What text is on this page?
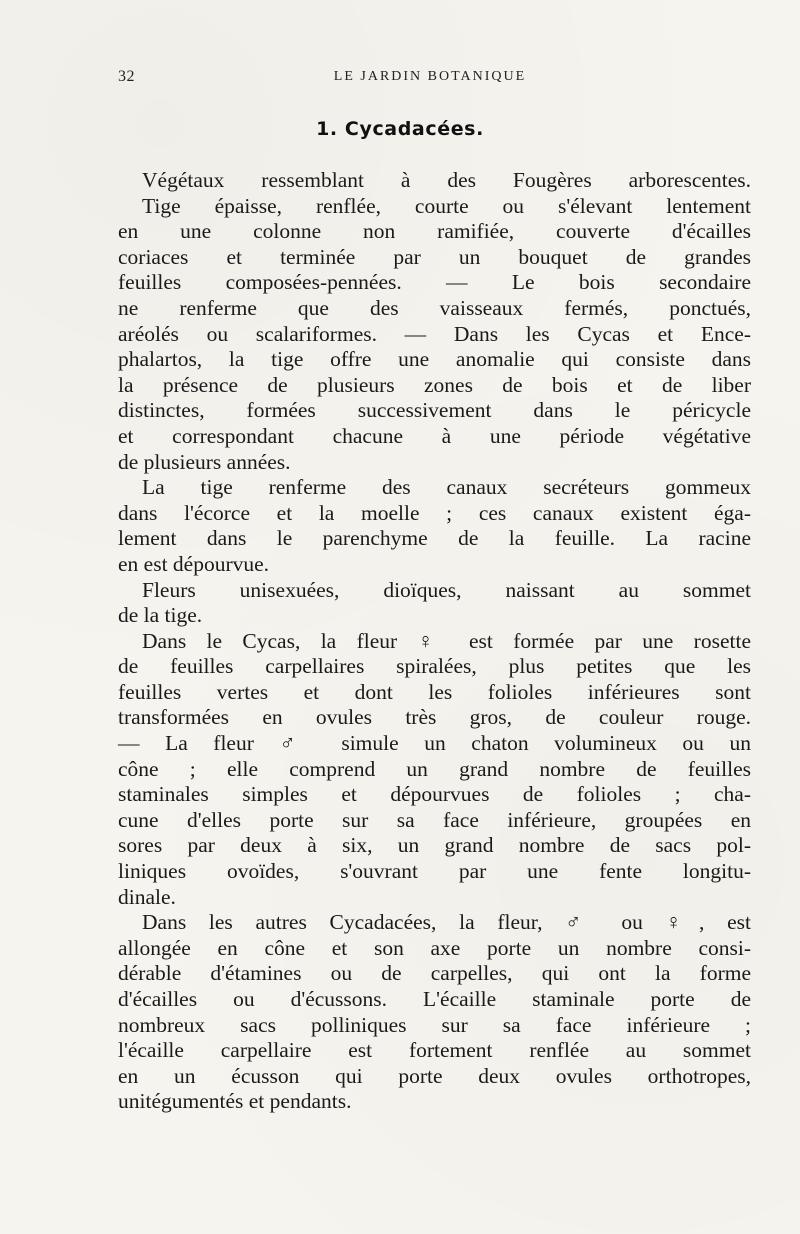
32	LE JARDIN BOTANIQUE
1. Cycadacées.
Végétaux ressemblant à des Fougères arborescentes.
Tige épaisse, renflée, courte ou s'élevant lentement
en une colonne non ramifiée, couverte d'écailles
coriaces et terminée par un bouquet de grandes
feuilles composées-pennées. — Le bois secondaire
ne renferme que des vaisseaux fermés, ponctués,
aréolés ou scalariformes. — Dans les Cycas et Ence-
phalartos, la tige offre une anomalie qui consiste dans
la présence de plusieurs zones de bois et de liber
distinctes, formées successivement dans le péricycle
et correspondant chacune à une période végétative
de plusieurs années.
La tige renferme des canaux secréteurs gommeux
dans l'écorce et la moelle ; ces canaux existent éga-
lement dans le parenchyme de la feuille. La racine
en est dépourvue.
Fleurs unisexuées, dioïques, naissant au sommet
de la tige.
Dans le Cycas, la fleur ♀ est formée par une rosette
de feuilles carpellaires spiralées, plus petites que les
feuilles vertes et dont les folioles inférieures sont
transformées en ovules très gros, de couleur rouge.
— La fleur ♂ simule un chaton volumineux ou un
cône ; elle comprend un grand nombre de feuilles
staminales simples et dépourvues de folioles ; cha-
cune d'elles porte sur sa face inférieure, groupées en
sores par deux à six, un grand nombre de sacs pol-
liniques ovoïdes, s'ouvrant par une fente longitu-
dinale.
Dans les autres Cycadacées, la fleur, ♂ ou ♀, est
allongée en cône et son axe porte un nombre consi-
dérable d'étamines ou de carpelles, qui ont la forme
d'écailles ou d'écussons. L'écaille staminale porte de
nombreux sacs polliniques sur sa face inférieure ;
l'écaille carpellaire est fortement renflée au sommet
en un écusson qui porte deux ovules orthotropes,
unitégumentés et pendants.
